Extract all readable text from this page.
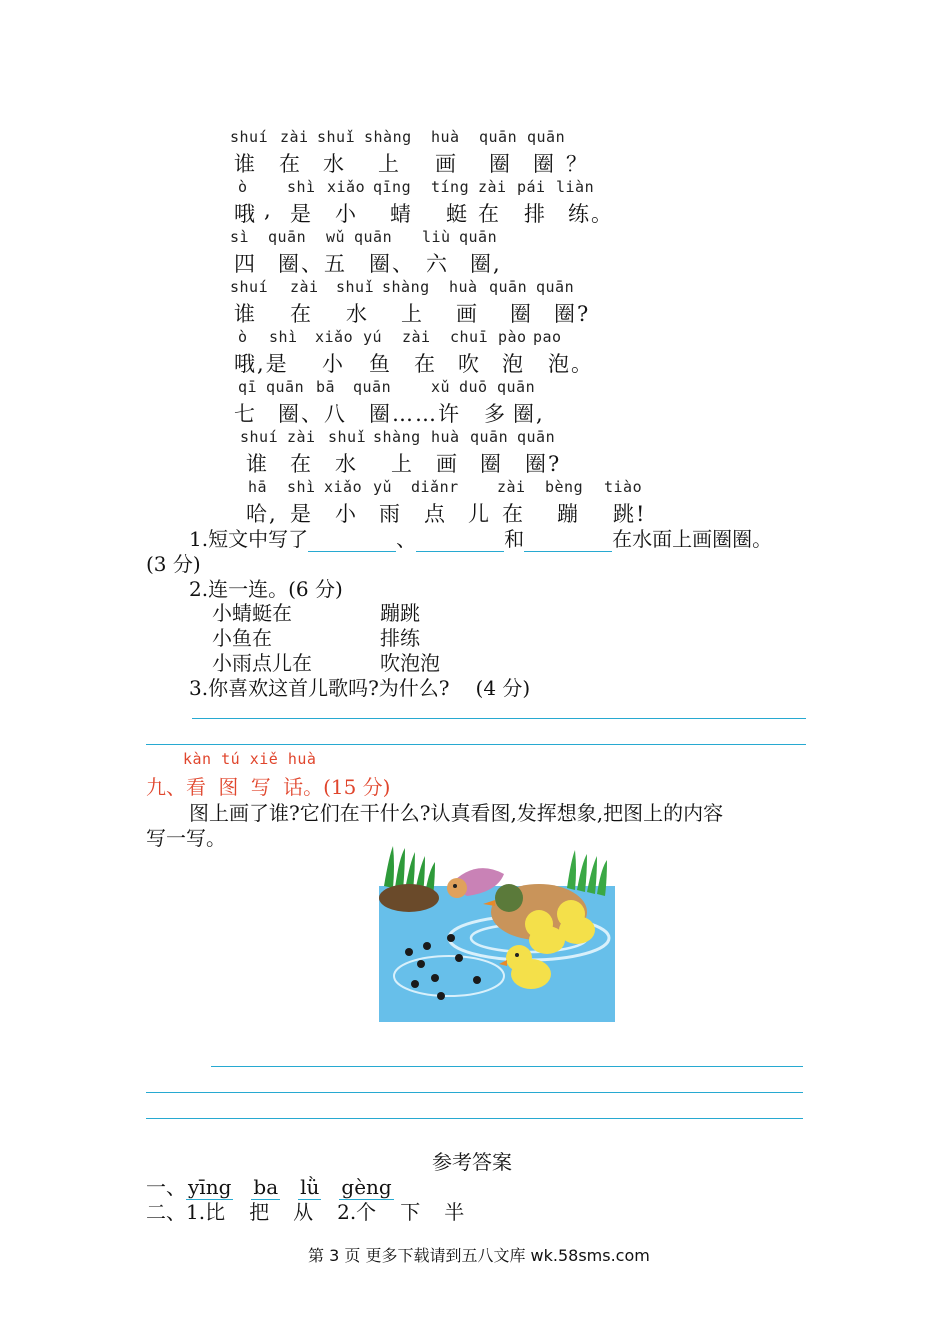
shuí zài shuǐ shàng huà quān quān
谁 在 水 上 画 圈 圈 ？
ò	shì xiǎo qīng tíng zài pái liàn
哦 , 是 小 蜻 蜓 在 排 练。
sì quān wǔ quān liù quān
四 圈、 五 圈、 六 圈,
shuí zài shuǐ shàng huà quān quān
谁 在 水 上 画 圈 圈?
ò shì xiǎo yú zài chuī pào pao
哦,是 小 鱼 在 吹 泡 泡。
qī quān bā quān	xǔ duō quān
七 圈、八 圈……许 多 圈,
shuí zài shuǐ shàng huà quān quān
谁 在 水 上 画 圈 圈?
hā shì xiǎo yǔ diǎnr	zài bèng tiào
哈, 是 小 雨 点 儿 在 蹦 跳!
1.短文中写了	、	和	在水面上画圈圈。
(3 分)
2.连一连。(6 分)
小蜻蜓在	蹦跳
小鱼在	排练
小雨点儿在	吹泡泡
3.你喜欢这首儿歌吗?为什么? (4 分)
kàn tú xiě huà
九、看 图 写 话。(15 分)
图上画了谁?它们在干什么?认真看图,发挥想象,把图上的内容
写一写。
参考答案
一、 yīng ba lǜ gèng
二、1.比 把 从 2.个 下 半
第 3 页 更多下载请到五八文库 wk.58sms.com
